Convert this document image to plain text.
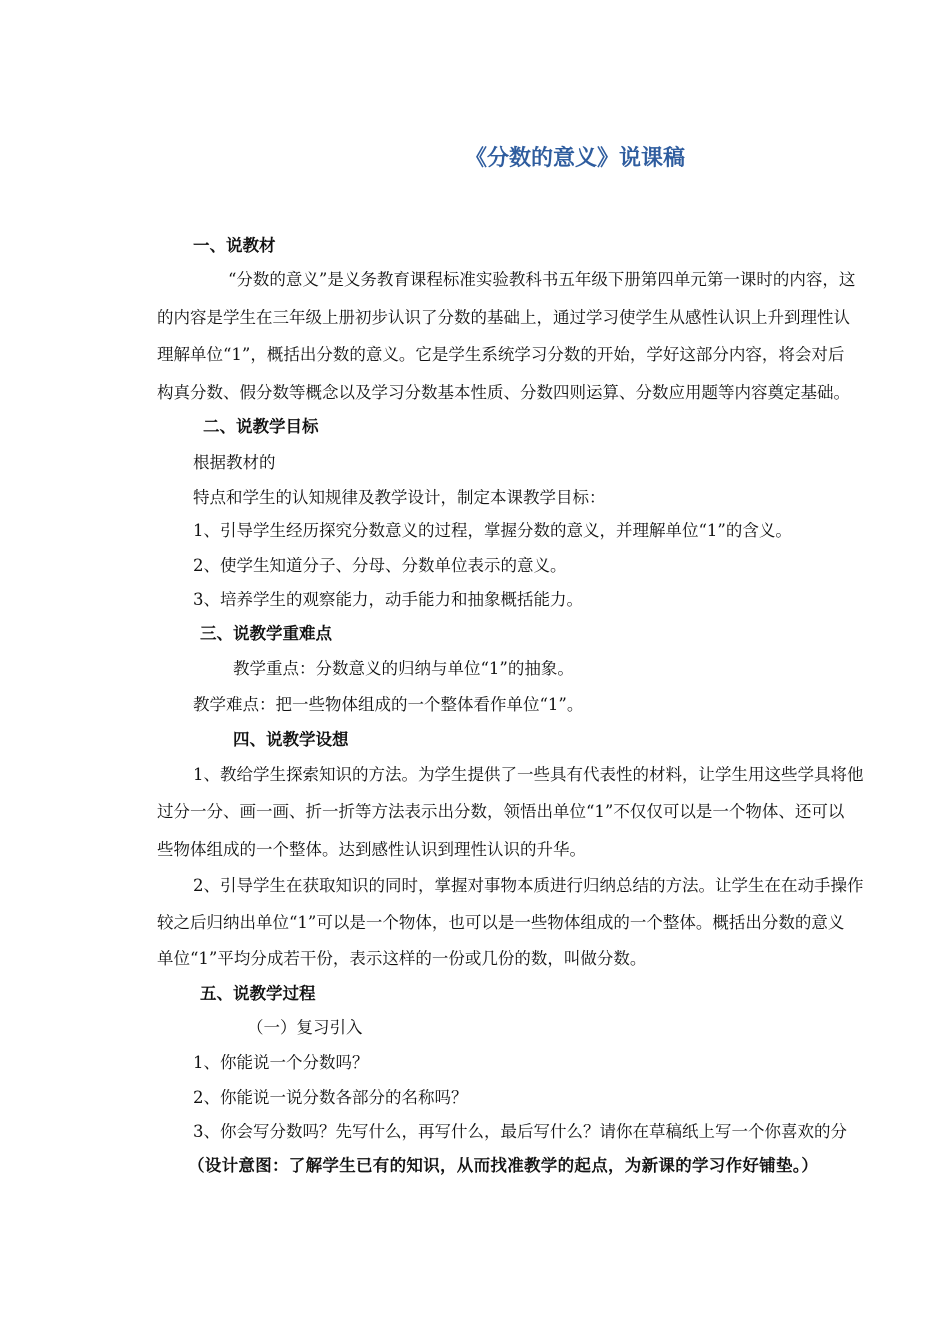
《分数的意义》说课稿
一、说教材
“分数的意义”是义务教育课程标准实验教科书五年级下册第四单元第一课时的内容，这
的内容是学生在三年级上册初步认识了分数的基础上，通过学习使学生从感性认识上升到理性认
理解单位“1”，概括出分数的意义。它是学生系统学习分数的开始，学好这部分内容，将会对后
构真分数、假分数等概念以及学习分数基本性质、分数四则运算、分数应用题等内容奠定基础。
二、说教学目标
根据教材的
特点和学生的认知规律及教学设计，制定本课教学目标：
1、引导学生经历探究分数意义的过程，掌握分数的意义，并理解单位“1”的含义。
2、使学生知道分子、分母、分数单位表示的意义。
3、培养学生的观察能力，动手能力和抽象概括能力。
三、说教学重难点
教学重点：分数意义的归纳与单位“1”的抽象。
教学难点：把一些物体组成的一个整体看作单位“1”。
四、说教学设想
1、教给学生探索知识的方法。为学生提供了一些具有代表性的材料，让学生用这些学具将他
过分一分、画一画、折一折等方法表示出分数，领悟出单位“1”不仅仅可以是一个物体、还可以
些物体组成的一个整体。达到感性认识到理性认识的升华。
2、引导学生在获取知识的同时，掌握对事物本质进行归纳总结的方法。让学生在在动手操作
较之后归纳出单位“1”可以是一个物体，也可以是一些物体组成的一个整体。概括出分数的意义
单位“1”平均分成若干份，表示这样的一份或几份的数，叫做分数。
五、说教学过程
（一）复习引入
1、你能说一个分数吗？
2、你能说一说分数各部分的名称吗？
3、你会写分数吗？先写什么，再写什么，最后写什么？请你在草稿纸上写一个你喜欢的分
（设计意图：了解学生已有的知识，从而找准教学的起点，为新课的学习作好铺垫。）
